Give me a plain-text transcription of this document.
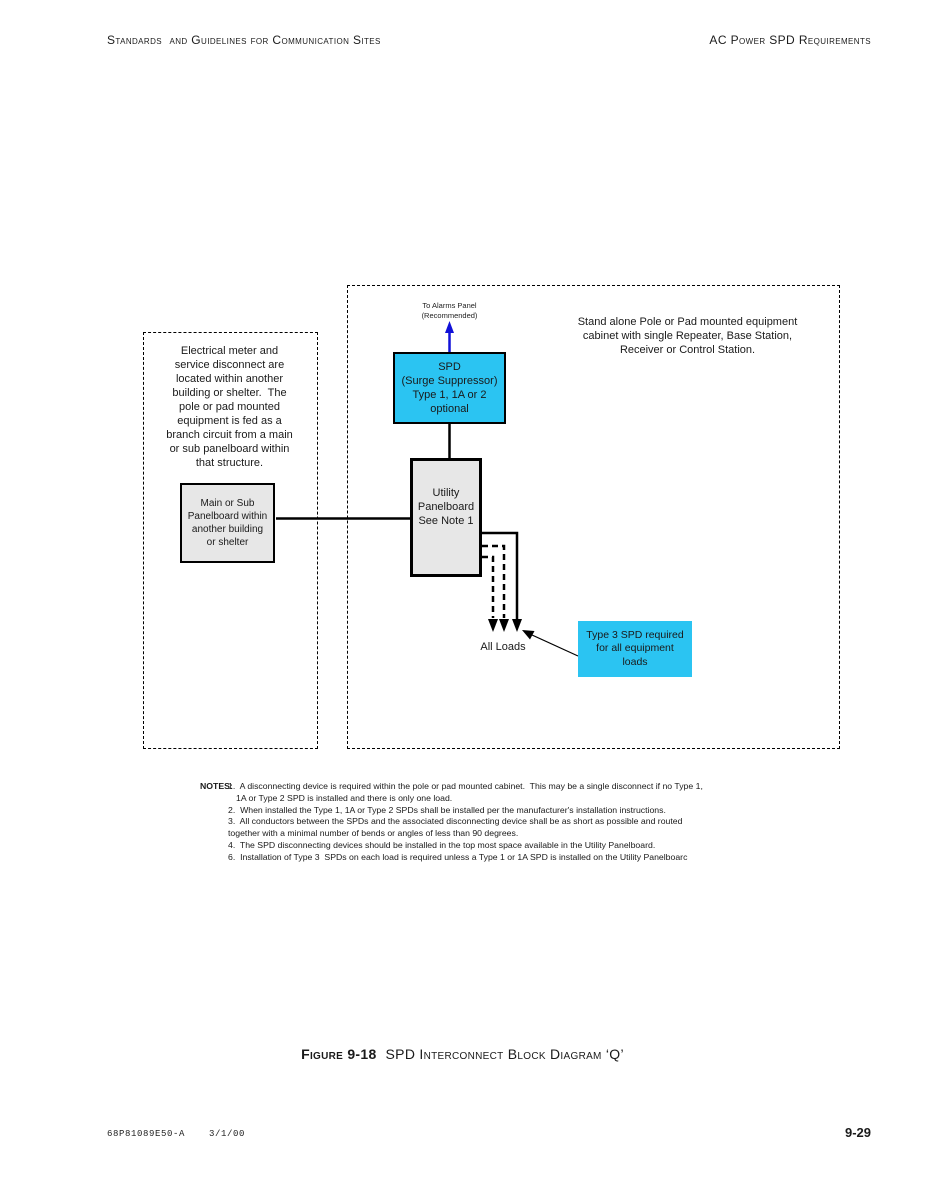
Standards  and Guidelines for Communication Sites	AC Power SPD Requirements
Electrical meter and
service disconnect are
located within another
building or shelter.  The
pole or pad mounted
equipment is fed as a
branch circuit from a main
or sub panelboard within
that structure.
Stand alone Pole or Pad mounted equipment
cabinet with single Repeater, Base Station,
Receiver or Control Station.
To Alarms Panel
(Recommended)
Main or Sub
Panelboard within
another building
or shelter
SPD
(Surge Suppressor)
Type 1, 1A or 2
optional
Utility
Panelboard
See Note 1
Type 3 SPD required
for all equipment
loads
All Loads
NOTES:
1.  A disconnecting device is required within the pole or pad mounted cabinet.  This may be a single disconnect if no Type 1,
1A or Type 2 SPD is installed and there is only one load.
2.  When installed the Type 1, 1A or Type 2 SPDs shall be installed per the manufacturer's installation instructions.
3.  All conductors between the SPDs and the associated disconnecting device shall be as short as possible and routed
together with a minimal number of bends or angles of less than 90 degrees.
4.  The SPD disconnecting devices should be installed in the top most space available in the Utility Panelboard.
6.  Installation of Type 3  SPDs on each load is required unless a Type 1 or 1A SPD is installed on the Utility Panelboarc
Figure 9-18 SPD Interconnect Block Diagram ‘Q’
68P81089E50-A    3/1/00	9-29
